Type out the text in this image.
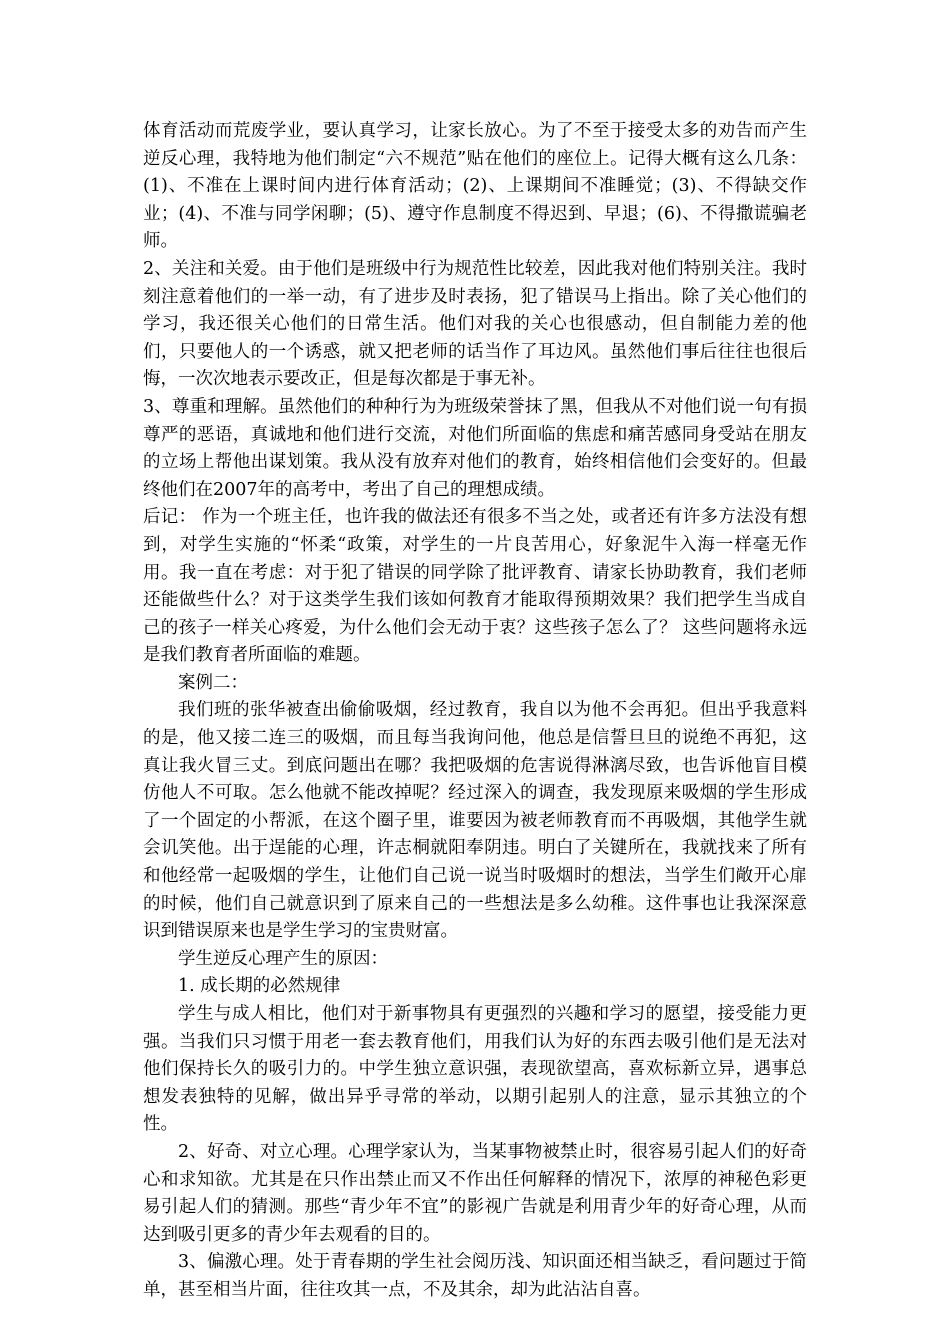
体育活动而荒废学业，要认真学习，让家长放心。为了不至于接受太多的劝告而产生逆反心理，我特地为他们制定“六不规范”贴在他们的座位上。记得大概有这么几条：(1)、不准在上课时间内进行体育活动；(2)、上课期间不准睡觉；(3)、不得缺交作业；(4)、不准与同学闲聊；(5)、遵守作息制度不得迟到、早退；(6)、不得撒谎骗老师。

2、关注和关爱。由于他们是班级中行为规范性比较差，因此我对他们特别关注。我时刻注意着他们的一举一动，有了进步及时表扬，犯了错误马上指出。除了关心他们的学习，我还很关心他们的日常生活。他们对我的关心也很感动，但自制能力差的他们，只要他人的一个诱惑，就又把老师的话当作了耳边风。虽然他们事后往往也很后悔，一次次地表示要改正，但是每次都是于事无补。

3、尊重和理解。虽然他们的种种行为为班级荣誉抹了黑，但我从不对他们说一句有损尊严的恶语，真诚地和他们进行交流，对他们所面临的焦虑和痛苦感同身受站在朋友的立场上帮他出谋划策。我从没有放弃对他们的教育，始终相信他们会变好的。但最终他们在2007年的高考中，考出了自己的理想成绩。

后记： 作为一个班主任，也许我的做法还有很多不当之处，或者还有许多方法没有想到，对学生实施的“怀柔“政策，对学生的一片良苦用心，好象泥牛入海一样毫无作用。我一直在考虑：对于犯了错误的同学除了批评教育、请家长协助教育，我们老师还能做些什么？对于这类学生我们该如何教育才能取得预期效果？我们把学生当成自己的孩子一样关心疼爱，为什么他们会无动于衷？这些孩子怎么了？ 这些问题将永远是我们教育者所面临的难题。

案例二：

我们班的张华被查出偷偷吸烟，经过教育，我自以为他不会再犯。但出乎我意料的是，他又接二连三的吸烟，而且每当我询问他，他总是信誓旦旦的说绝不再犯，这真让我火冒三丈。到底问题出在哪？我把吸烟的危害说得淋漓尽致，也告诉他盲目模仿他人不可取。怎么他就不能改掉呢？经过深入的调查，我发现原来吸烟的学生形成了一个固定的小帮派，在这个圈子里，谁要因为被老师教育而不再吸烟，其他学生就会讥笑他。出于逞能的心理，许志桐就阳奉阴违。明白了关键所在，我就找来了所有和他经常一起吸烟的学生，让他们自己说一说当时吸烟时的想法，当学生们敞开心扉的时候，他们自己就意识到了原来自己的一些想法是多么幼稚。这件事也让我深深意识到错误原来也是学生学习的宝贵财富。

学生逆反心理产生的原因：

1. 成长期的必然规律

学生与成人相比，他们对于新事物具有更强烈的兴趣和学习的愿望，接受能力更强。当我们只习惯于用老一套去教育他们，用我们认为好的东西去吸引他们是无法对他们保持长久的吸引力的。中学生独立意识强，表现欲望高，喜欢标新立异，遇事总想发表独特的见解，做出异乎寻常的举动，以期引起别人的注意，显示其独立的个性。

2、好奇、对立心理。心理学家认为，当某事物被禁止时，很容易引起人们的好奇心和求知欲。尤其是在只作出禁止而又不作出任何解释的情况下，浓厚的神秘色彩更易引起人们的猜测。那些“青少年不宜”的影视广告就是利用青少年的好奇心理，从而达到吸引更多的青少年去观看的目的。

3、偏激心理。处于青春期的学生社会阅历浅、知识面还相当缺乏，看问题过于简单，甚至相当片面，往往攻其一点，不及其余，却为此沾沾自喜。
